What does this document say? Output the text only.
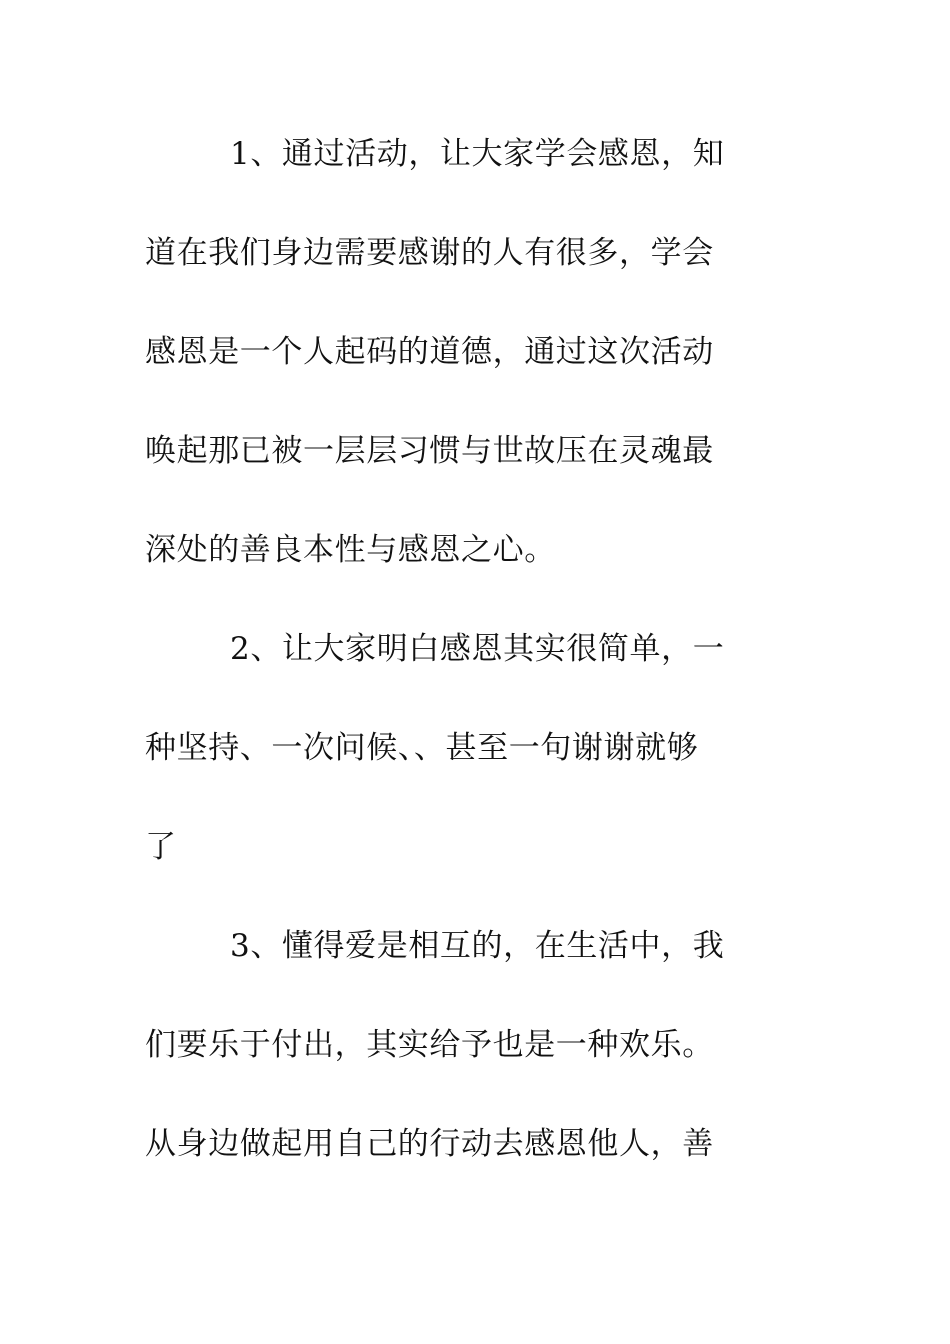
1、通过活动，让大家学会感恩，知
道在我们身边需要感谢的人有很多，学会
感恩是一个人起码的道德，通过这次活动
唤起那已被一层层习惯与世故压在灵魂最
深处的善良本性与感恩之心。
2、让大家明白感恩其实很简单，一
种坚持、一次问候、、甚至一句谢谢就够
了
3、懂得爱是相互的，在生活中，我
们要乐于付出，其实给予也是一种欢乐。
从身边做起用自己的行动去感恩他人，善
